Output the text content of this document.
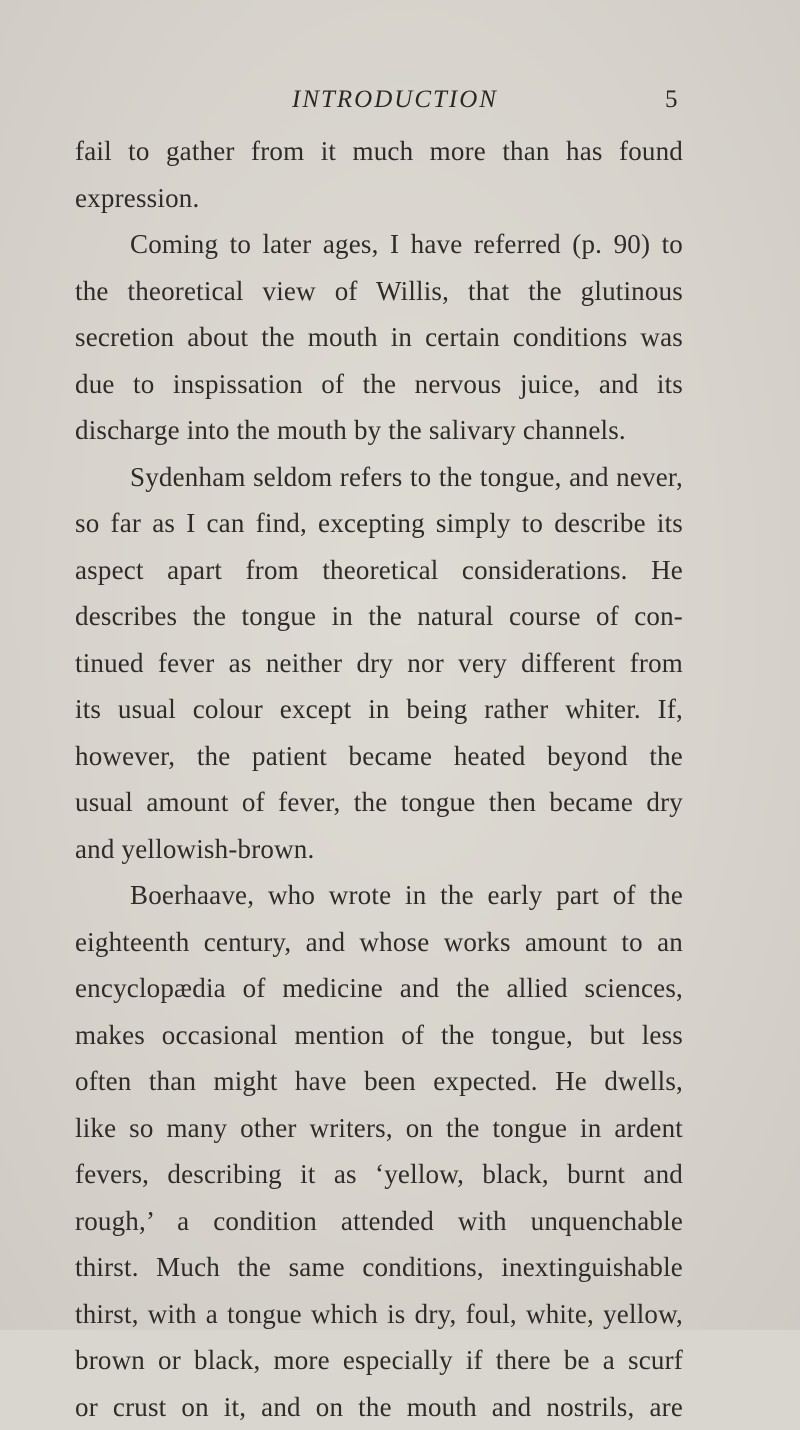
INTRODUCTION	5
fail to gather from it much more than has found
expression.
Coming to later ages, I have referred (p. 90) to
the theoretical view of Willis, that the glutinous
secretion about the mouth in certain conditions was
due to inspissation of the nervous juice, and its
discharge into the mouth by the salivary channels.
Sydenham seldom refers to the tongue, and never,
so far as I can find, excepting simply to describe its
aspect apart from theoretical considerations. He
describes the tongue in the natural course of con-
tinued fever as neither dry nor very different from
its usual colour except in being rather whiter. If,
however, the patient became heated beyond the
usual amount of fever, the tongue then became dry
and yellowish-brown.
Boerhaave, who wrote in the early part of the
eighteenth century, and whose works amount to an
encyclopædia of medicine and the allied sciences,
makes occasional mention of the tongue, but less
often than might have been expected. He dwells,
like so many other writers, on the tongue in ardent
fevers, describing it as ‘yellow, black, burnt and
rough,’ a condition attended with unquenchable
thirst. Much the same conditions, inextinguishable
thirst, with a tongue which is dry, foul, white, yellow,
brown or black, more especially if there be a scurf
or crust on it, and on the mouth and nostrils, are
